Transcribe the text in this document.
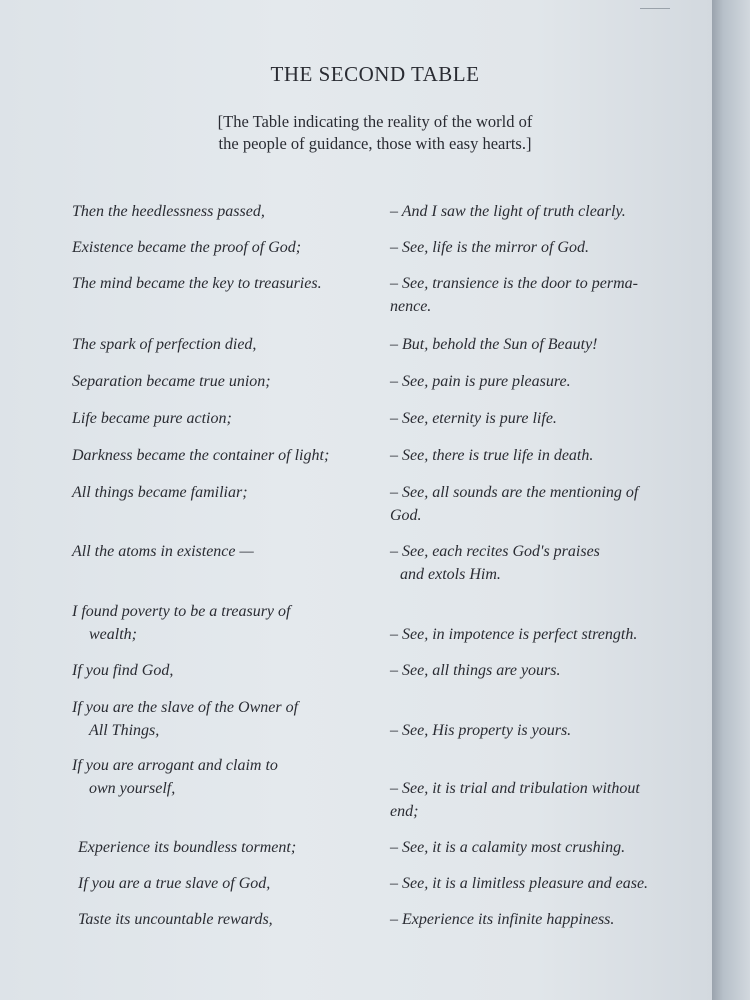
THE SECOND TABLE
[The Table indicating the reality of the world of
the people of guidance, those with easy hearts.]
Then the heedlessness passed,	– And I saw the light of truth clearly.
Existence became the proof of God;	– See, life is the mirror of God.
The mind became the key to treasuries.	– See, transience is the door to perma-
nence.
The spark of perfection died,	– But, behold the Sun of Beauty!
Separation became true union;	– See, pain is pure pleasure.
Life became pure action;	– See, eternity is pure life.
Darkness became the container of light;	– See, there is true life in death.
All things became familiar;	– See, all sounds are the mentioning of
God.
All the atoms in existence —	– See, each recites God's praises
and extols Him.
I found poverty to be a treasury of
wealth;	– See, in impotence is perfect strength.
If you find God,	– See, all things are yours.
If you are the slave of the Owner of
All Things,	– See, His property is yours.
If you are arrogant and claim to
own yourself,	– See, it is trial and tribulation without
end;
Experience its boundless torment;	– See, it is a calamity most crushing.
If you are a true slave of God,	– See, it is a limitless pleasure and ease.
Taste its uncountable rewards,	– Experience its infinite happiness.
